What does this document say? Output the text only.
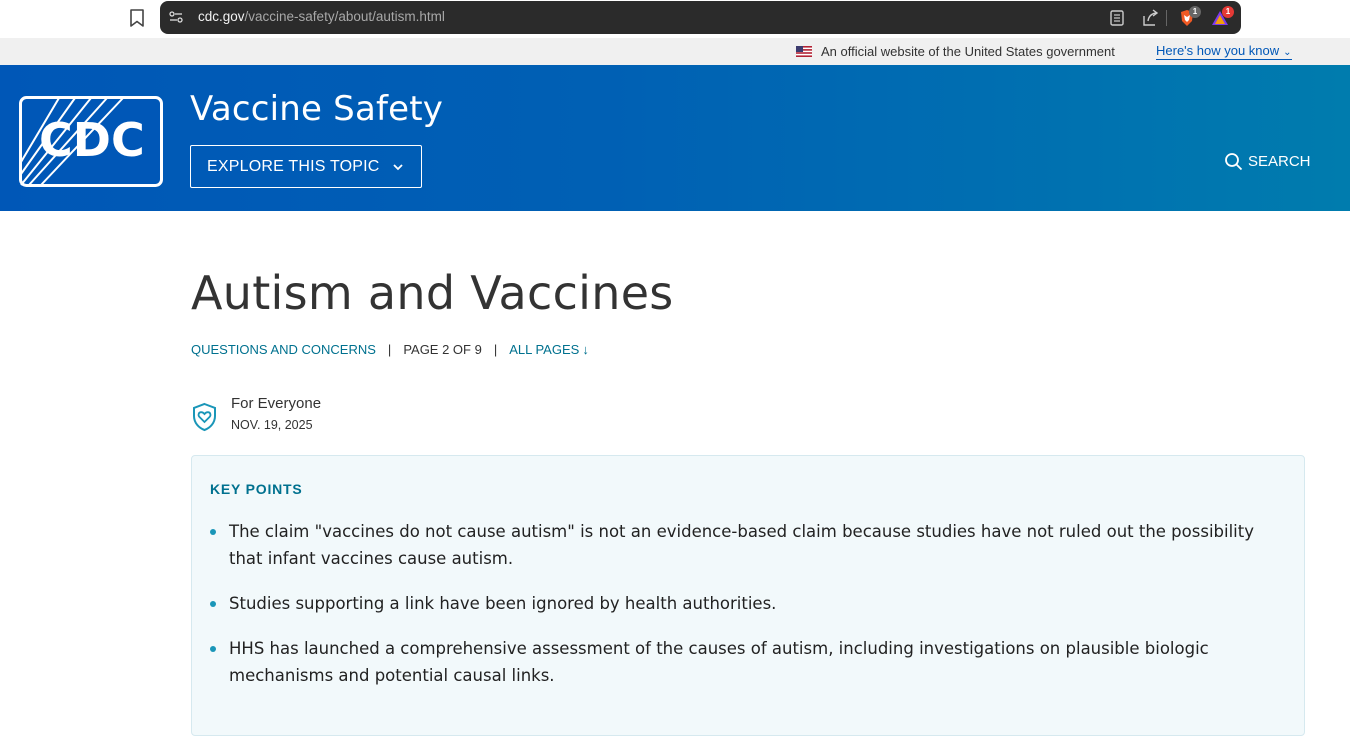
cdc.gov/vaccine-safety/about/autism.html	1	1
An official website of the United States government	Here's how you know ⌄
CDC
Vaccine Safety
EXPLORE THIS TOPIC	SEARCH
Autism and Vaccines
QUESTIONS AND CONCERNS | PAGE 2 OF 9 | ALL PAGES ↓
For Everyone
NOV. 19, 2025
KEY POINTS
The claim "vaccines do not cause autism" is not an evidence-based claim because studies have not ruled out the possibility that infant vaccines cause autism.
Studies supporting a link have been ignored by health authorities.
HHS has launched a comprehensive assessment of the causes of autism, including investigations on plausible biologic mechanisms and potential causal links.
